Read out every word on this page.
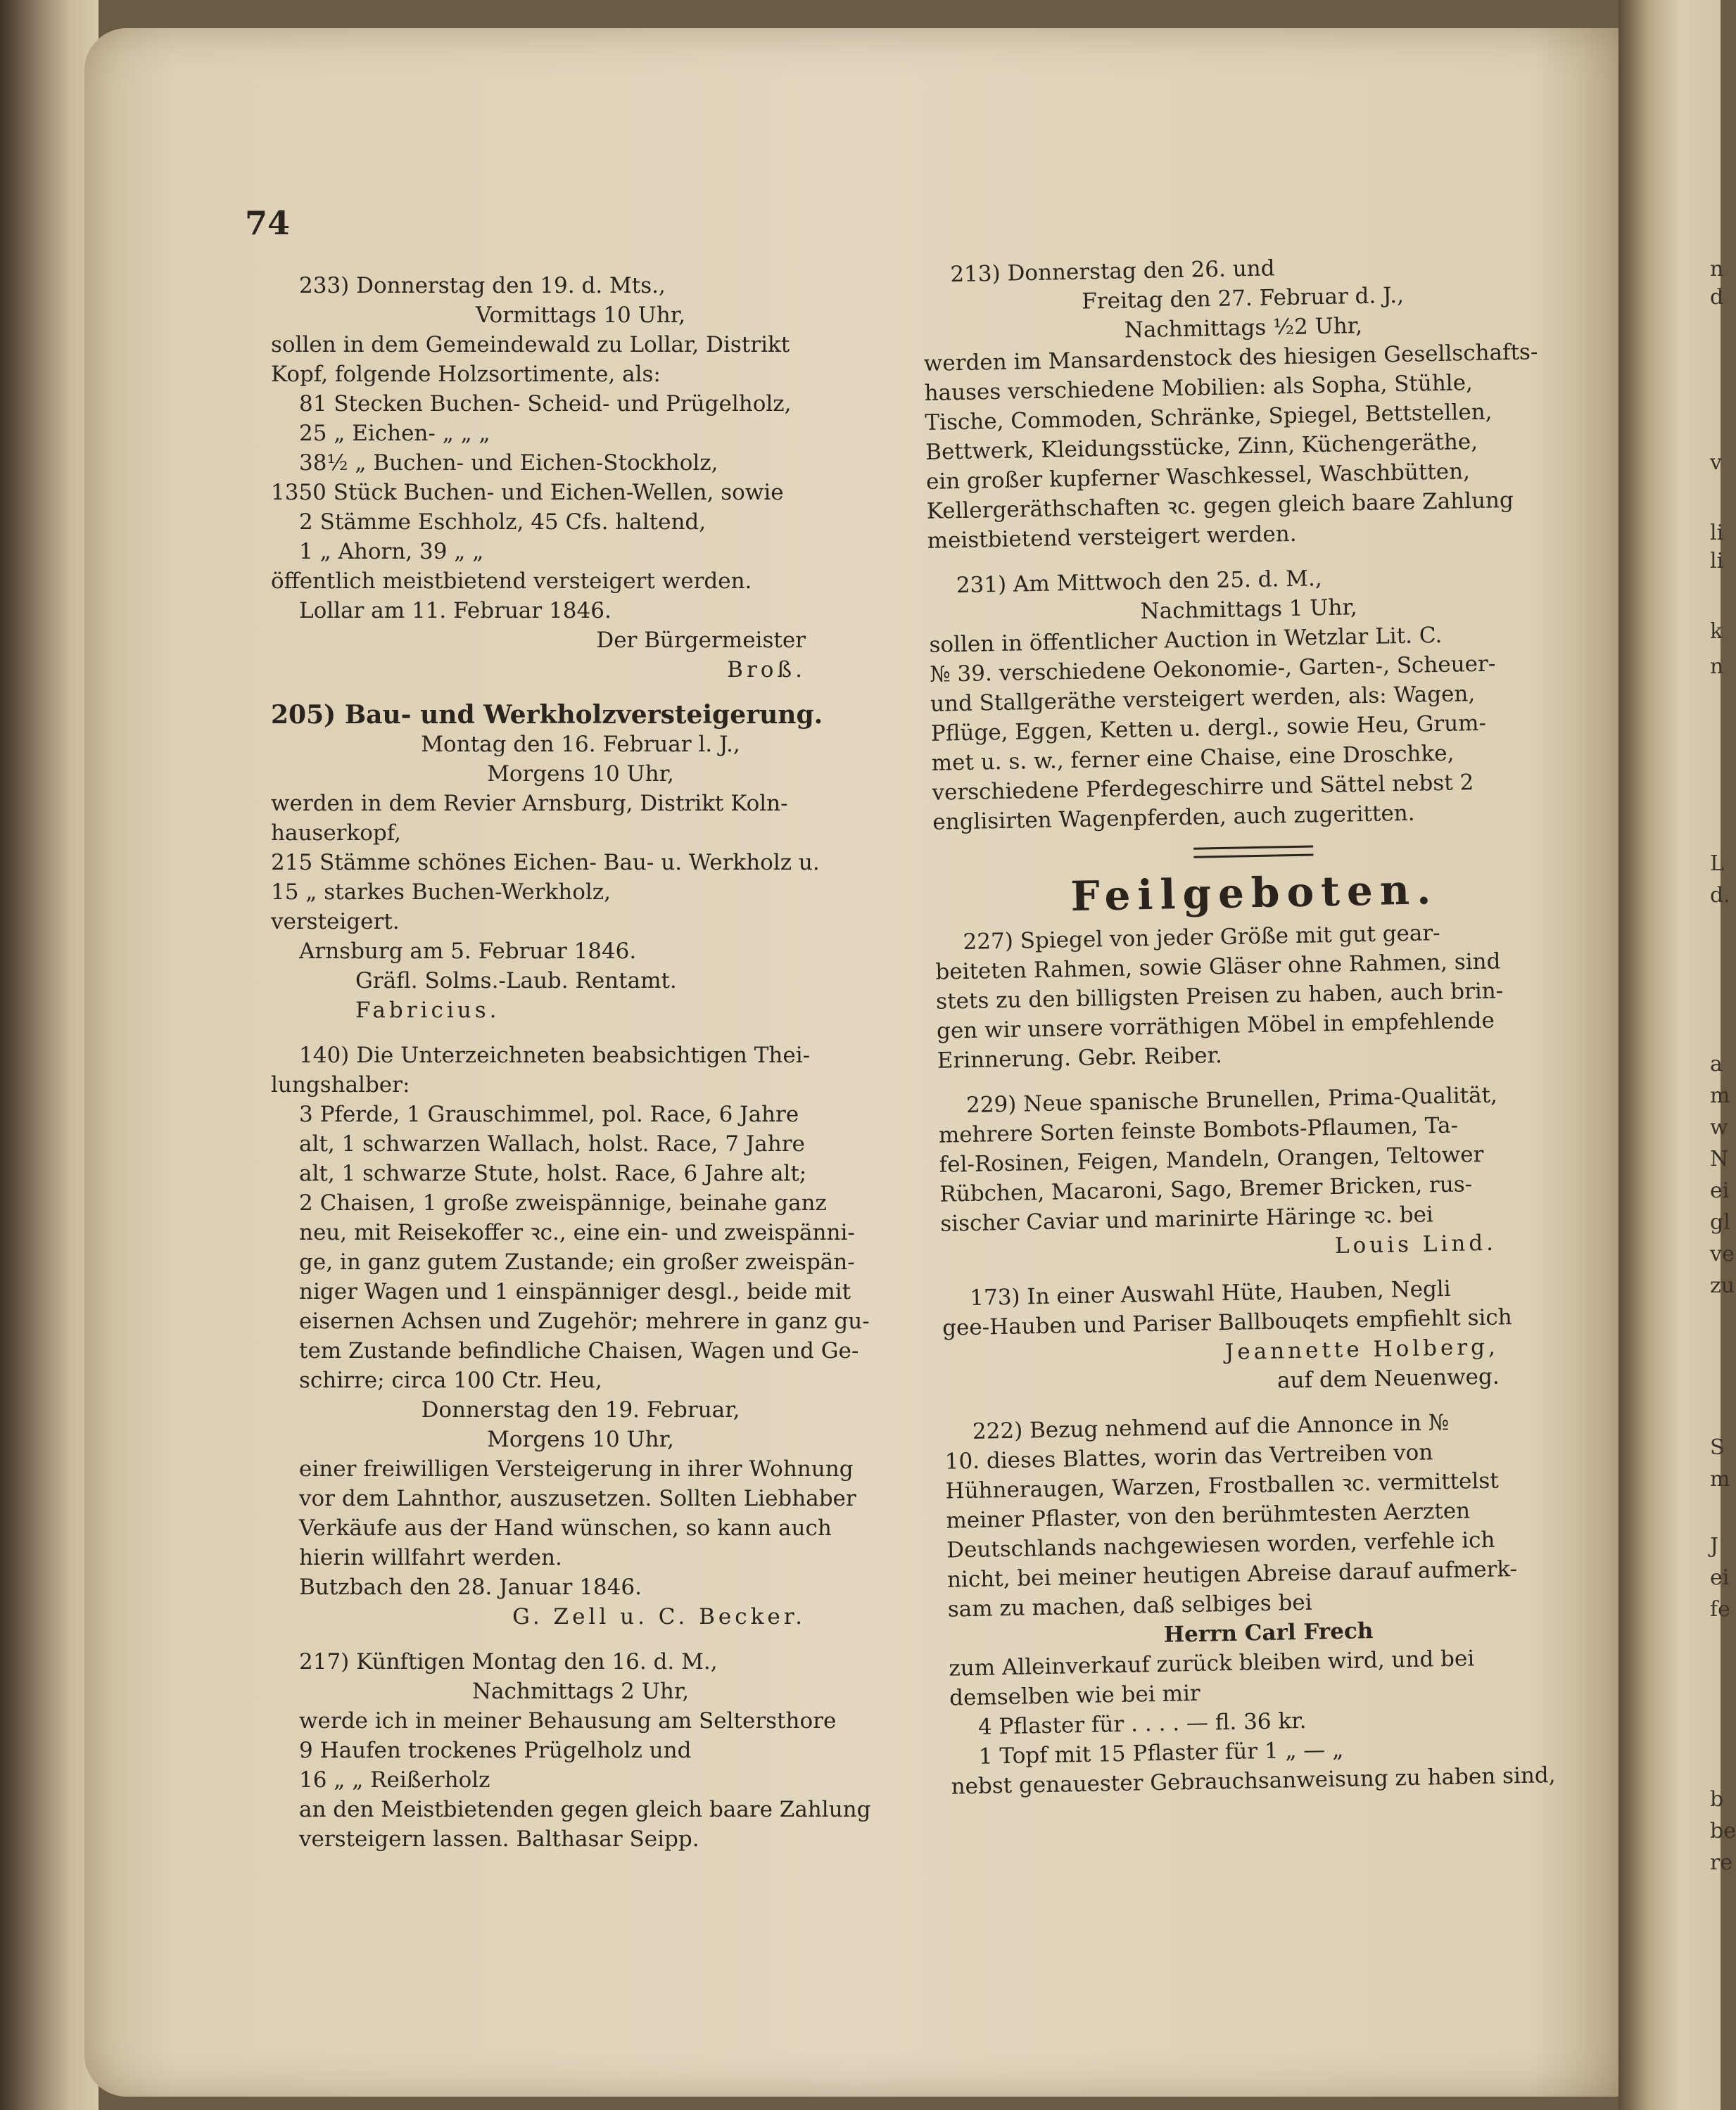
n
d
v
li
li
k
n
L
d.
a
m
w
N
ei
gl
ve
zu
S
m
J
ei
fe
b
be
re
74

233) Donnerstag den 19. d. Mts.,

Vormittags 10 Uhr,

sollen in dem Gemeindewald zu Lollar, Distrikt

Kopf, folgende Holzsortimente, als:

81 Stecken Buchen- Scheid- und Prügelholz,

25 „ Eichen- „ „ „

38½ „ Buchen- und Eichen-Stockholz,

1350 Stück Buchen- und Eichen-Wellen, sowie

2 Stämme Eschholz, 45 Cfs. haltend,

1 „ Ahorn, 39 „ „

öffentlich meistbietend versteigert werden.

Lollar am 11. Februar 1846.

Der Bürgermeister

Broß.

205) Bau- und Werkholzversteigerung.

Montag den 16. Februar l. J.,

Morgens 10 Uhr,

werden in dem Revier Arnsburg, Distrikt Koln-

hauserkopf,

215 Stämme schönes Eichen- Bau- u. Werkholz u.

15 „ starkes Buchen-Werkholz,

versteigert.

Arnsburg am 5. Februar 1846.

Gräfl. Solms.-Laub. Rentamt.

Fabricius.

140) Die Unterzeichneten beabsichtigen Thei-

lungshalber:

3 Pferde, 1 Grauschimmel, pol. Race, 6 Jahre

alt, 1 schwarzen Wallach, holst. Race, 7 Jahre

alt, 1 schwarze Stute, holst. Race, 6 Jahre alt;

2 Chaisen, 1 große zweispännige, beinahe ganz

neu, mit Reisekoffer ꝛc., eine ein- und zweispänni-

ge, in ganz gutem Zustande; ein großer zweispän-

niger Wagen und 1 einspänniger desgl., beide mit

eisernen Achsen und Zugehör; mehrere in ganz gu-

tem Zustande befindliche Chaisen, Wagen und Ge-

schirre; circa 100 Ctr. Heu,

Donnerstag den 19. Februar,

Morgens 10 Uhr,

einer freiwilligen Versteigerung in ihrer Wohnung

vor dem Lahnthor, auszusetzen. Sollten Liebhaber

Verkäufe aus der Hand wünschen, so kann auch

hierin willfahrt werden.

Butzbach den 28. Januar 1846.

G. Zell u. C. Becker.

217) Künftigen Montag den 16. d. M.,

Nachmittags 2 Uhr,

werde ich in meiner Behausung am Seltersthore

9 Haufen trockenes Prügelholz und

16 „ „ Reißerholz

an den Meistbietenden gegen gleich baare Zahlung

versteigern lassen. Balthasar Seipp.

213) Donnerstag den 26. und

Freitag den 27. Februar d. J.,

Nachmittags ½2 Uhr,

werden im Mansardenstock des hiesigen Gesellschafts-

hauses verschiedene Mobilien: als Sopha, Stühle,

Tische, Commoden, Schränke, Spiegel, Bettstellen,

Bettwerk, Kleidungsstücke, Zinn, Küchengeräthe,

ein großer kupferner Waschkessel, Waschbütten,

Kellergeräthschaften ꝛc. gegen gleich baare Zahlung

meistbietend versteigert werden.

231) Am Mittwoch den 25. d. M.,

Nachmittags 1 Uhr,

sollen in öffentlicher Auction in Wetzlar Lit. C.

№ 39. verschiedene Oekonomie-, Garten-, Scheuer-

und Stallgeräthe versteigert werden, als: Wagen,

Pflüge, Eggen, Ketten u. dergl., sowie Heu, Grum-

met u. s. w., ferner eine Chaise, eine Droschke,

verschiedene Pferdegeschirre und Sättel nebst 2

englisirten Wagenpferden, auch zugeritten.

Feilgeboten.

227) Spiegel von jeder Größe mit gut gear-

beiteten Rahmen, sowie Gläser ohne Rahmen, sind

stets zu den billigsten Preisen zu haben, auch brin-

gen wir unsere vorräthigen Möbel in empfehlende

Erinnerung. Gebr. Reiber.

229) Neue spanische Brunellen, Prima-Qualität,

mehrere Sorten feinste Bombots-Pflaumen, Ta-

fel-Rosinen, Feigen, Mandeln, Orangen, Teltower

Rübchen, Macaroni, Sago, Bremer Bricken, rus-

sischer Caviar und marinirte Häringe ꝛc. bei

Louis Lind.

173) In einer Auswahl Hüte, Hauben, Negli

gee-Hauben und Pariser Ballbouqets empfiehlt sich

Jeannette Holberg,

auf dem Neuenweg.

222) Bezug nehmend auf die Annonce in №

10. dieses Blattes, worin das Vertreiben von

Hühneraugen, Warzen, Frostballen ꝛc. vermittelst

meiner Pflaster, von den berühmtesten Aerzten

Deutschlands nachgewiesen worden, verfehle ich

nicht, bei meiner heutigen Abreise darauf aufmerk-

sam zu machen, daß selbiges bei

Herrn Carl Frech

zum Alleinverkauf zurück bleiben wird, und bei

demselben wie bei mir

4 Pflaster für . . . . — fl. 36 kr.

1 Topf mit 15 Pflaster für 1 „ — „

nebst genauester Gebrauchsanweisung zu haben sind,
